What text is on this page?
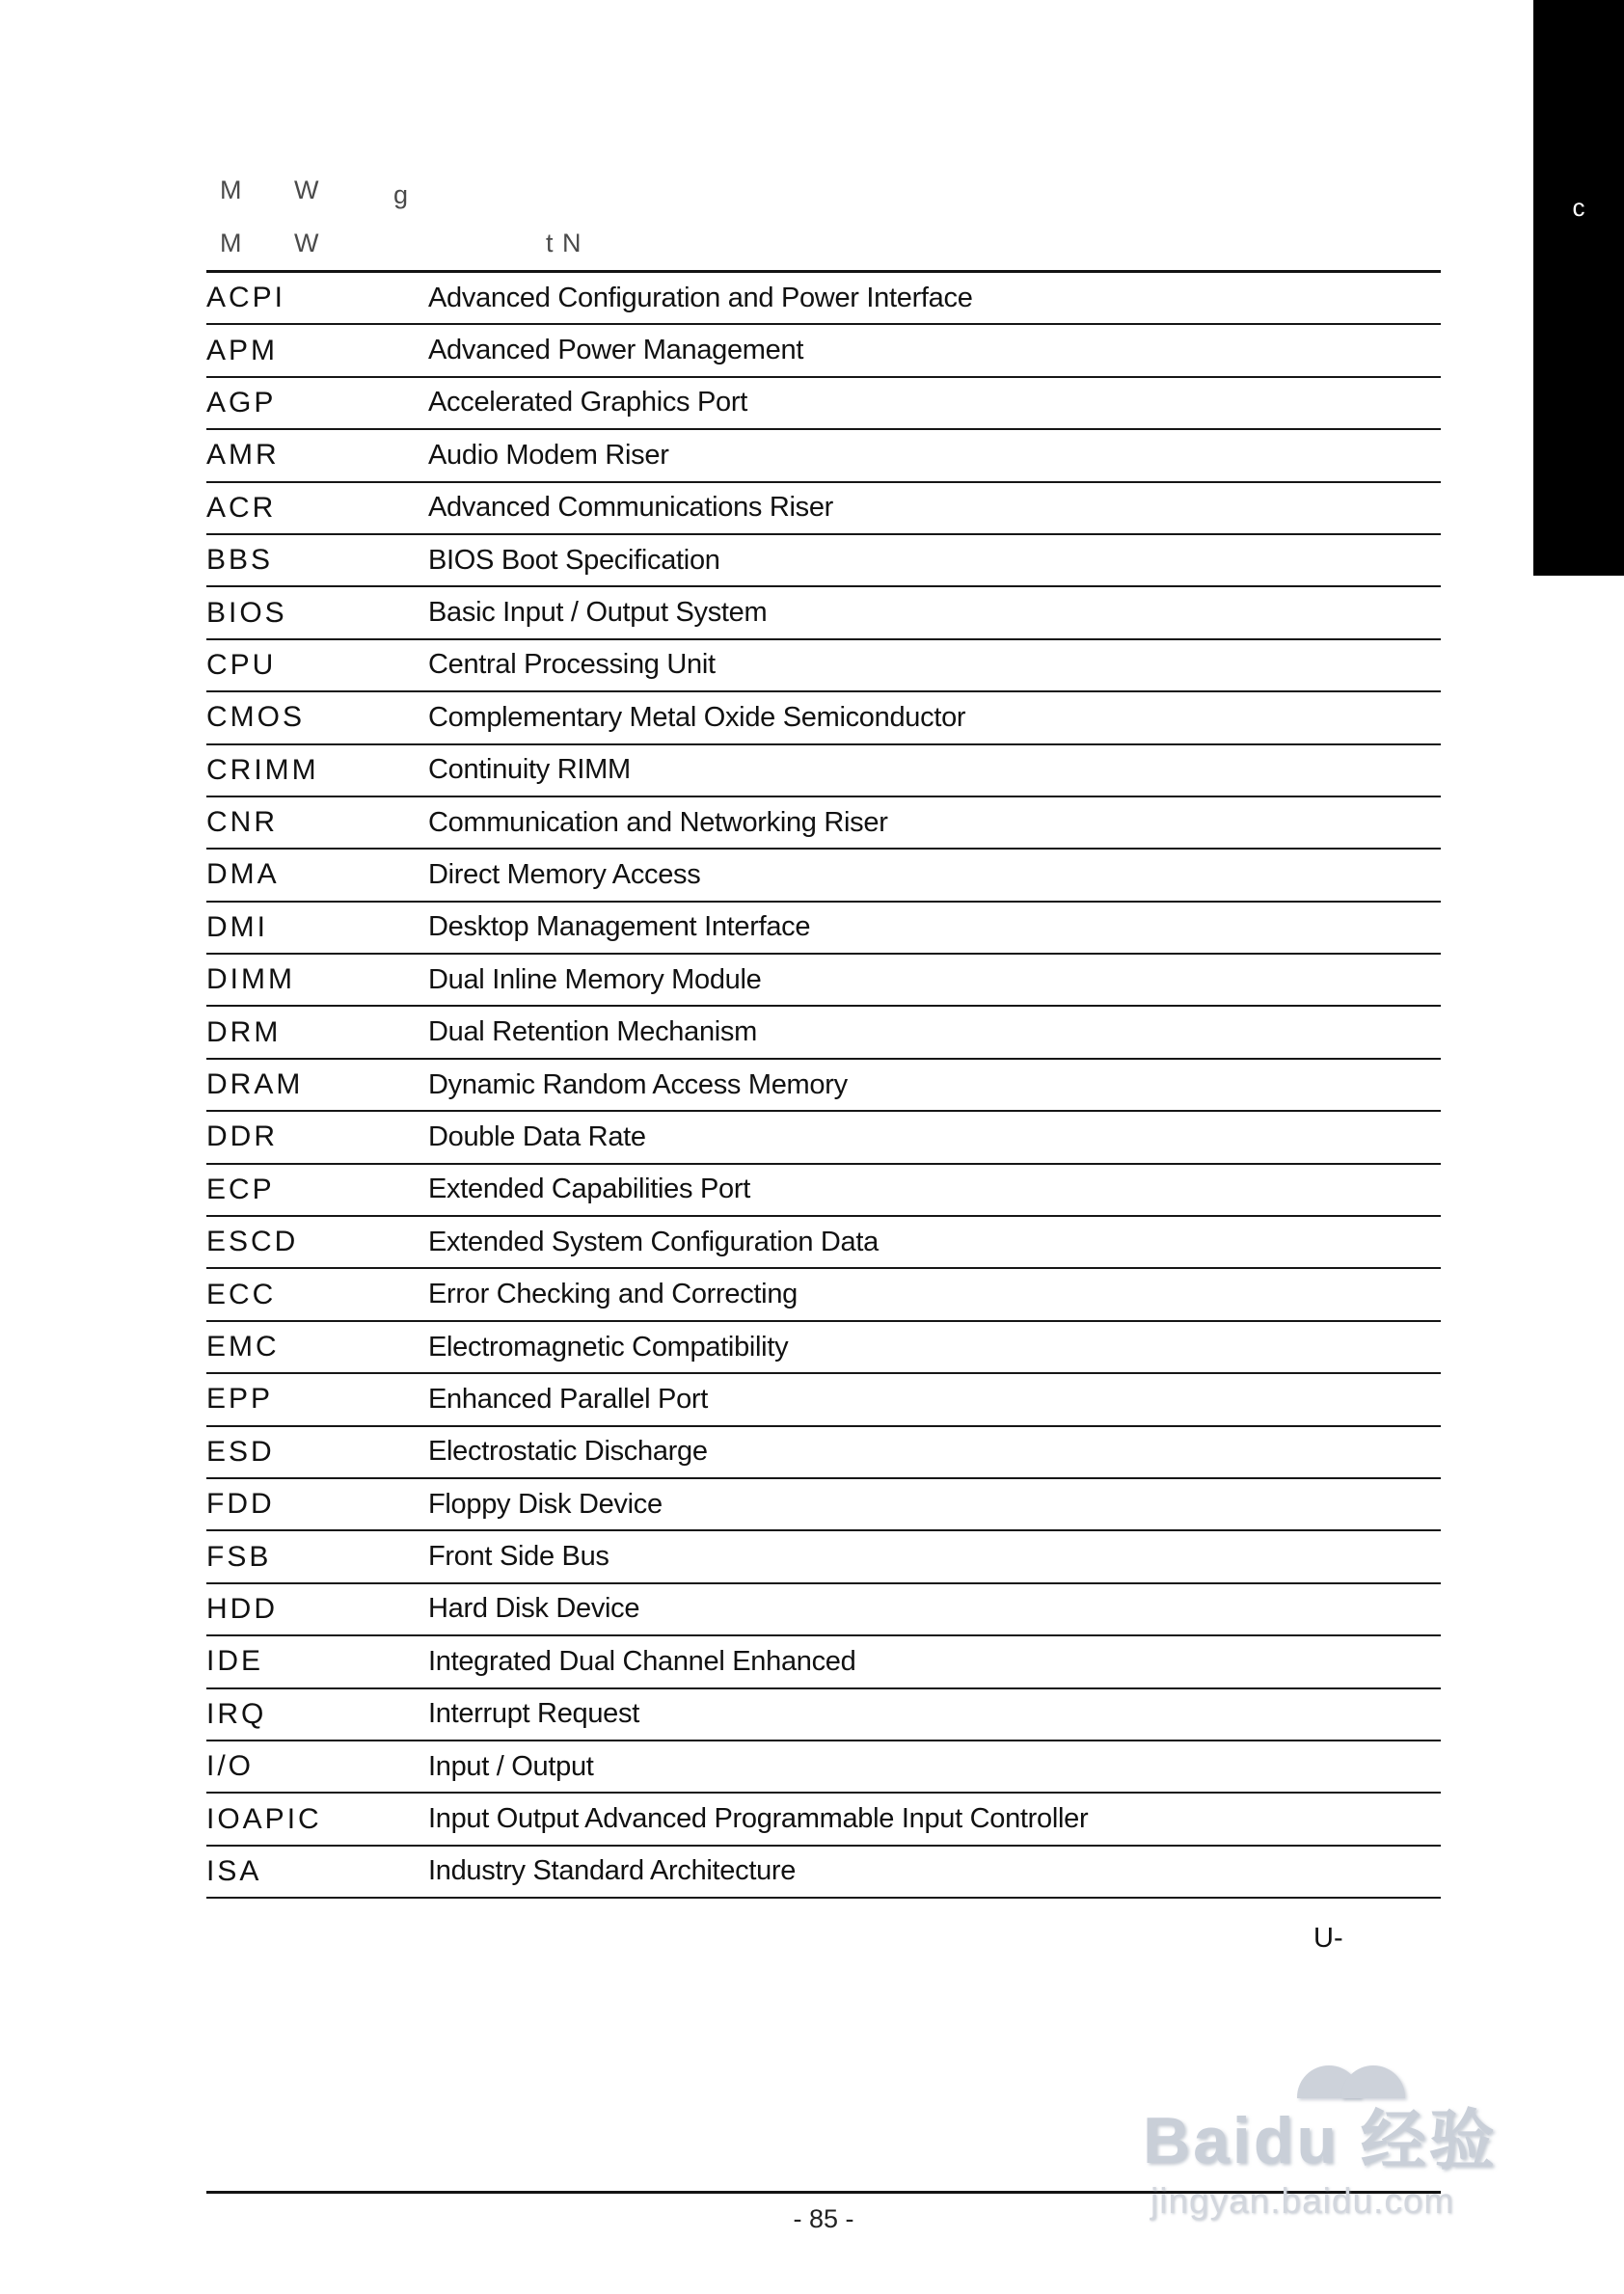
M W	g
M W	t N
c
ACPI	Advanced Configuration and Power Interface
APM	Advanced Power Management
AGP	Accelerated Graphics Port
AMR	Audio Modem Riser
ACR	Advanced Communications Riser
BBS	BIOS Boot Specification
BIOS	Basic Input / Output System
CPU	Central Processing Unit
CMOS	Complementary Metal Oxide Semiconductor
CRIMM	Continuity RIMM
CNR	Communication and Networking Riser
DMA	Direct Memory Access
DMI	Desktop Management Interface
DIMM	Dual Inline Memory Module
DRM	Dual Retention Mechanism
DRAM	Dynamic Random Access Memory
DDR	Double Data Rate
ECP	Extended Capabilities Port
ESCD	Extended System Configuration Data
ECC	Error Checking and Correcting
EMC	Electromagnetic Compatibility
EPP	Enhanced Parallel Port
ESD	Electrostatic Discharge
FDD	Floppy Disk Device
FSB	Front Side Bus
HDD	Hard Disk Device
IDE	Integrated Dual Channel Enhanced
IRQ	Interrupt Request
I/O	Input / Output
IOAPIC	Input Output Advanced Programmable Input Controller
ISA	Industry Standard Architecture
U-
- 85 -
Baidu 经验
jingyan.baidu.com
